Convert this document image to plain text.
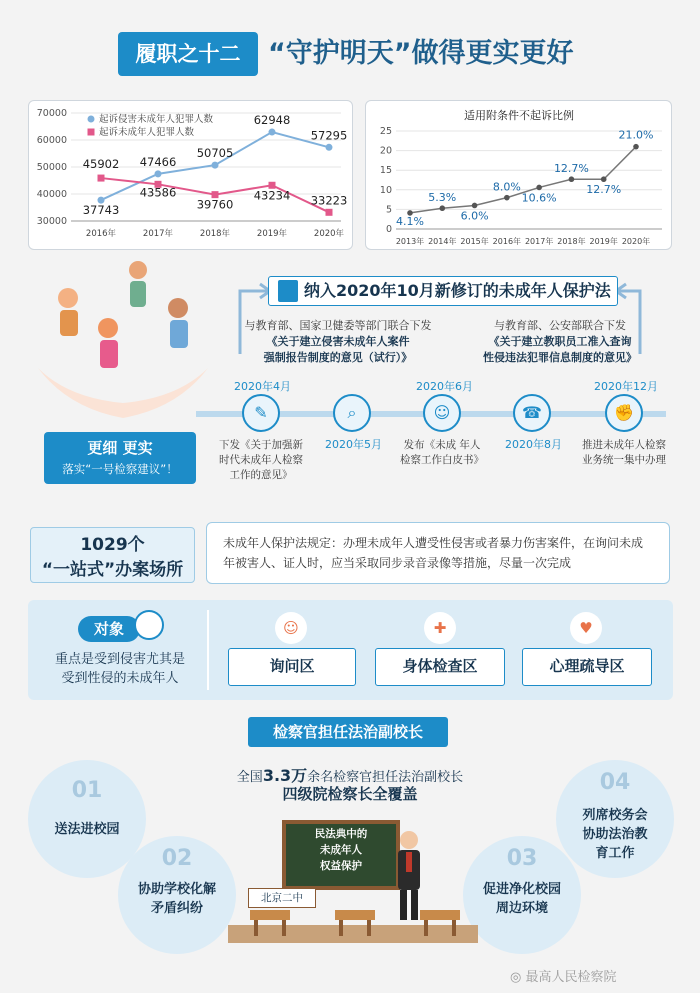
履职之十二	“守护明天”做得更实更好
30000
40000
50000
60000
70000
2016年	2017年	2018年	2019年	2020年
37743
47466
50705
62948
57295
45902
43586
39760
43234 33223
起诉侵害未成年人犯罪人数
起诉未成年人犯罪人数
适用附条件不起诉比例
0
5
10
15
20
25
2013年 2014年 2015年 2016年 2017年 2018年 2019年 2020年
4.1%
5.3%
6.0%
8.0%
10.6%
12.7%
12.7%
21.0%
纳入2020年10月新修订的未成年人保护法
与教育部、国家卫健委等部门联合下发
《关于建立侵害未成年人案件
强制报告制度的意见（试行）》
与教育部、公安部联合下发
《关于建立教职员工准入查询
性侵违法犯罪信息制度的意见》
2020年4月
✎
下发《关于加强新
时代未成年人检察
工作的意见》
⌕
2020年5月
2020年6月
☺
发布《未成 年人
检察工作白皮书》
☎
2020年8月
2020年12月
✊
推进未成年人检察
业务统一集中办理
更细 更实
落实“一号检察建议”！
1029个
“一站式”办案场所
未成年人保护法规定：办理未成年人遭受性侵害或者暴力伤害案件，在询问未成年被害人、证人时，应当采取同步录音录像等措施，尽量一次完成
对象
重点是受到侵害尤其是
受到性侵的未成年人
☺
询问区
✚
身体检查区
♥
心理疏导区
检察官担任法治副校长
全国3.3万余名检察官担任法治副校长
四级院检察长全覆盖
01
送法进校园
02
协助学校化解
矛盾纠纷
03
促进净化校园
周边环境
04
列席校务会
协助法治教
育工作
民法典中的
未成年人
权益保护
北京二中
◎ 最高人民检察院
